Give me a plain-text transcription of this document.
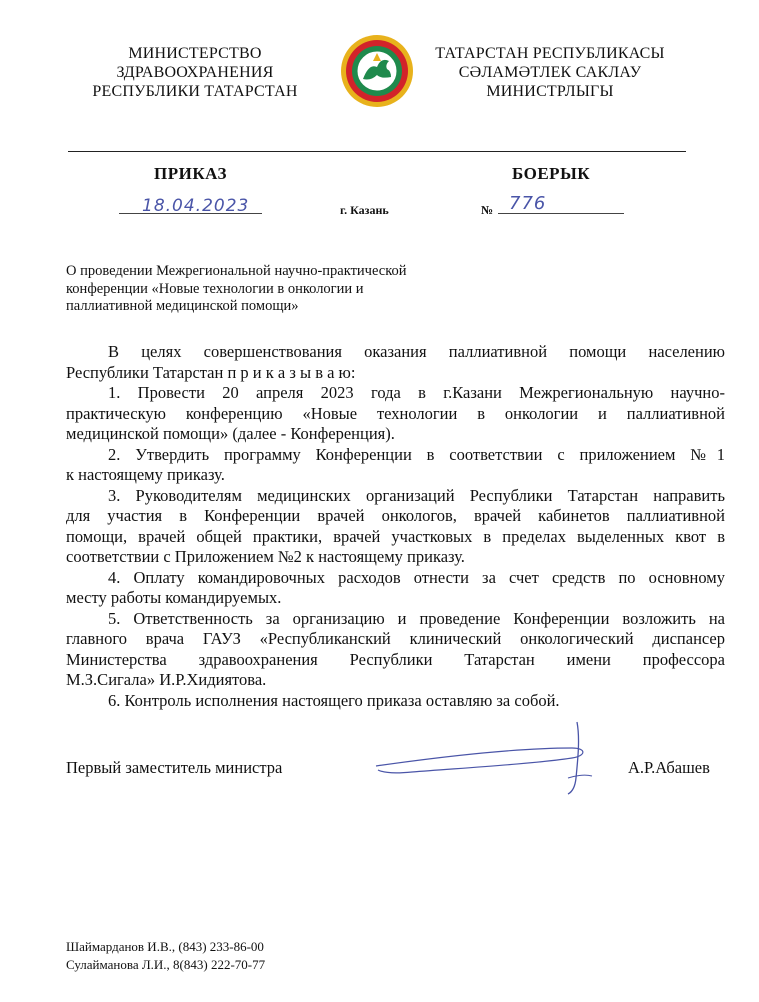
МИНИСТЕРСТВО
ЗДРАВООХРАНЕНИЯ
РЕСПУБЛИКИ ТАТАРСТАН
ТАТАРСТАН РЕСПУБЛИКАСЫ
СӘЛАМӘТЛЕК САКЛАУ
МИНИСТРЛЫГЫ
ПРИКАЗ	БОЕРЫК
18.04.2023	г. Казань	№ 776
О проведении Межрегиональной научно-практической
конференции «Новые технологии в онкологии и
паллиативной медицинской помощи»
В целях совершенствования оказания паллиативной помощи населению
Республики Татарстан п р и к а з ы в а ю:
1. Провести 20 апреля 2023 года в г.Казани Межрегиональную научно-
практическую конференцию «Новые технологии в онкологии и паллиативной
медицинской помощи» (далее - Конференция).
2. Утвердить программу Конференции в соответствии с приложением №1
к настоящему приказу.
3. Руководителям медицинских организаций Республики Татарстан направить
для участия в Конференции врачей онкологов, врачей кабинетов паллиативной
помощи, врачей общей практики, врачей участковых в пределах выделенных квот в
соответствии с Приложением №2 к настоящему приказу.
4. Оплату командировочных расходов отнести за счет средств по основному
месту работы командируемых.
5. Ответственность за организацию и проведение Конференции возложить на
главного врача ГАУЗ «Республиканский клинический онкологический диспансер
Министерства здравоохранения Республики Татарстан имени профессора
М.З.Сигала» И.Р.Хидиятова.
6. Контроль исполнения настоящего приказа оставляю за собой.
Первый заместитель министра	А.Р.Абашев
Шаймарданов И.В., (843) 233-86-00
Сулайманова Л.И., 8(843) 222-70-77
